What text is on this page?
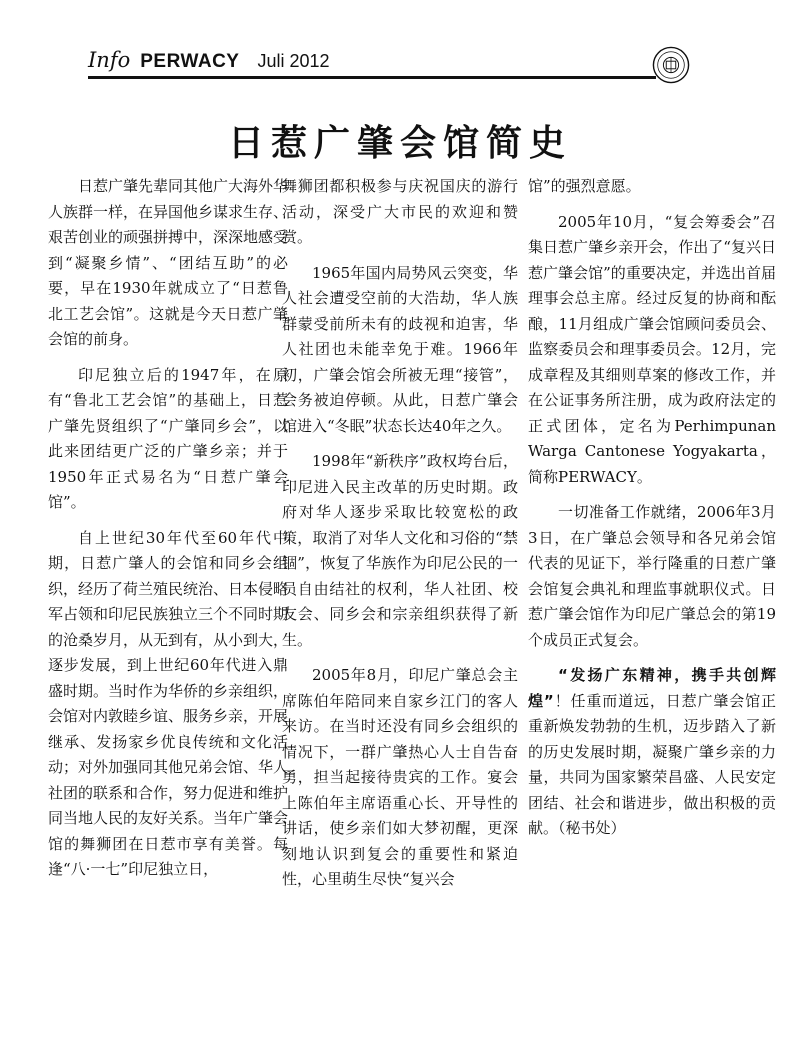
Info PERWACY Juli 2012
日惹广肇会馆简史

日惹广肇先辈同其他广大海外华人族群一样，在异国他乡谋求生存、艰苦创业的顽强拼搏中，深深地感受到“凝聚乡情”、“团结互助”的必要，早在1930年就成立了“日惹鲁北工艺会馆”。这就是今天日惹广肇会馆的前身。

印尼独立后的1947年，在原有“鲁北工艺会馆”的基础上，日惹广肇先贤组织了“广肇同乡会”，以此来团结更广泛的广肇乡亲；并于1950年正式易名为“日惹广肇会馆”。

自上世纪30年代至60年代中期，日惹广肇人的会馆和同乡会组织，经历了荷兰殖民统治、日本侵略军占领和印尼民族独立三个不同时期的沧桑岁月，从无到有，从小到大，逐步发展，到上世纪60年代进入鼎盛时期。当时作为华侨的乡亲组织，会馆对内敦睦乡谊、服务乡亲，开展继承、发扬家乡优良传统和文化活动；对外加强同其他兄弟会馆、华人社团的联系和合作，努力促进和维护同当地人民的友好关系。当年广肇会馆的舞狮团在日惹市享有美誉。每逢“八·一七”印尼独立日，

舞狮团都积极参与庆祝国庆的游行活动，深受广大市民的欢迎和赞赏。

1965年国内局势风云突变，华人社会遭受空前的大浩劫，华人族群蒙受前所未有的歧视和迫害，华人社团也未能幸免于难。1966年初，广肇会馆会所被无理“接管”，会务被迫停顿。从此，日惹广肇会馆进入“冬眠”状态长达40年之久。

1998年“新秩序”政权垮台后，印尼进入民主改革的历史时期。政府对华人逐步采取比较宽松的政策，取消了对华人文化和习俗的“禁锢”，恢复了华族作为印尼公民的一员自由结社的权利，华人社团、校友会、同乡会和宗亲组织获得了新生。

2005年8月，印尼广肇总会主席陈伯年陪同来自家乡江门的客人来访。在当时还没有同乡会组织的情况下，一群广肇热心人士自告奋勇，担当起接待贵宾的工作。宴会上陈伯年主席语重心长、开导性的讲话，使乡亲们如大梦初醒，更深刻地认识到复会的重要性和紧迫性，心里萌生尽快“复兴会

馆”的强烈意愿。

2005年10月，“复会筹委会”召集日惹广肇乡亲开会，作出了“复兴日惹广肇会馆”的重要决定，并选出首届理事会总主席。经过反复的协商和酝酿，11月组成广肇会馆顾问委员会、监察委员会和理事委员会。12月，完成章程及其细则草案的修改工作，并在公证事务所注册，成为政府法定的正式团体，定名为Perhimpunan Warga Cantonese Yogyakarta，简称PERWACY。

一切准备工作就绪，2006年3月3日，在广肇总会领导和各兄弟会馆代表的见证下，举行隆重的日惹广肇会馆复会典礼和理监事就职仪式。日惹广肇会馆作为印尼广肇总会的第19个成员正式复会。

“发扬广东精神，携手共创辉煌”！任重而道远，日惹广肇会馆正重新焕发勃勃的生机，迈步踏入了新的历史发展时期，凝聚广肇乡亲的力量，共同为国家繁荣昌盛、人民安定团结、社会和谐进步，做出积极的贡献。（秘书处）
